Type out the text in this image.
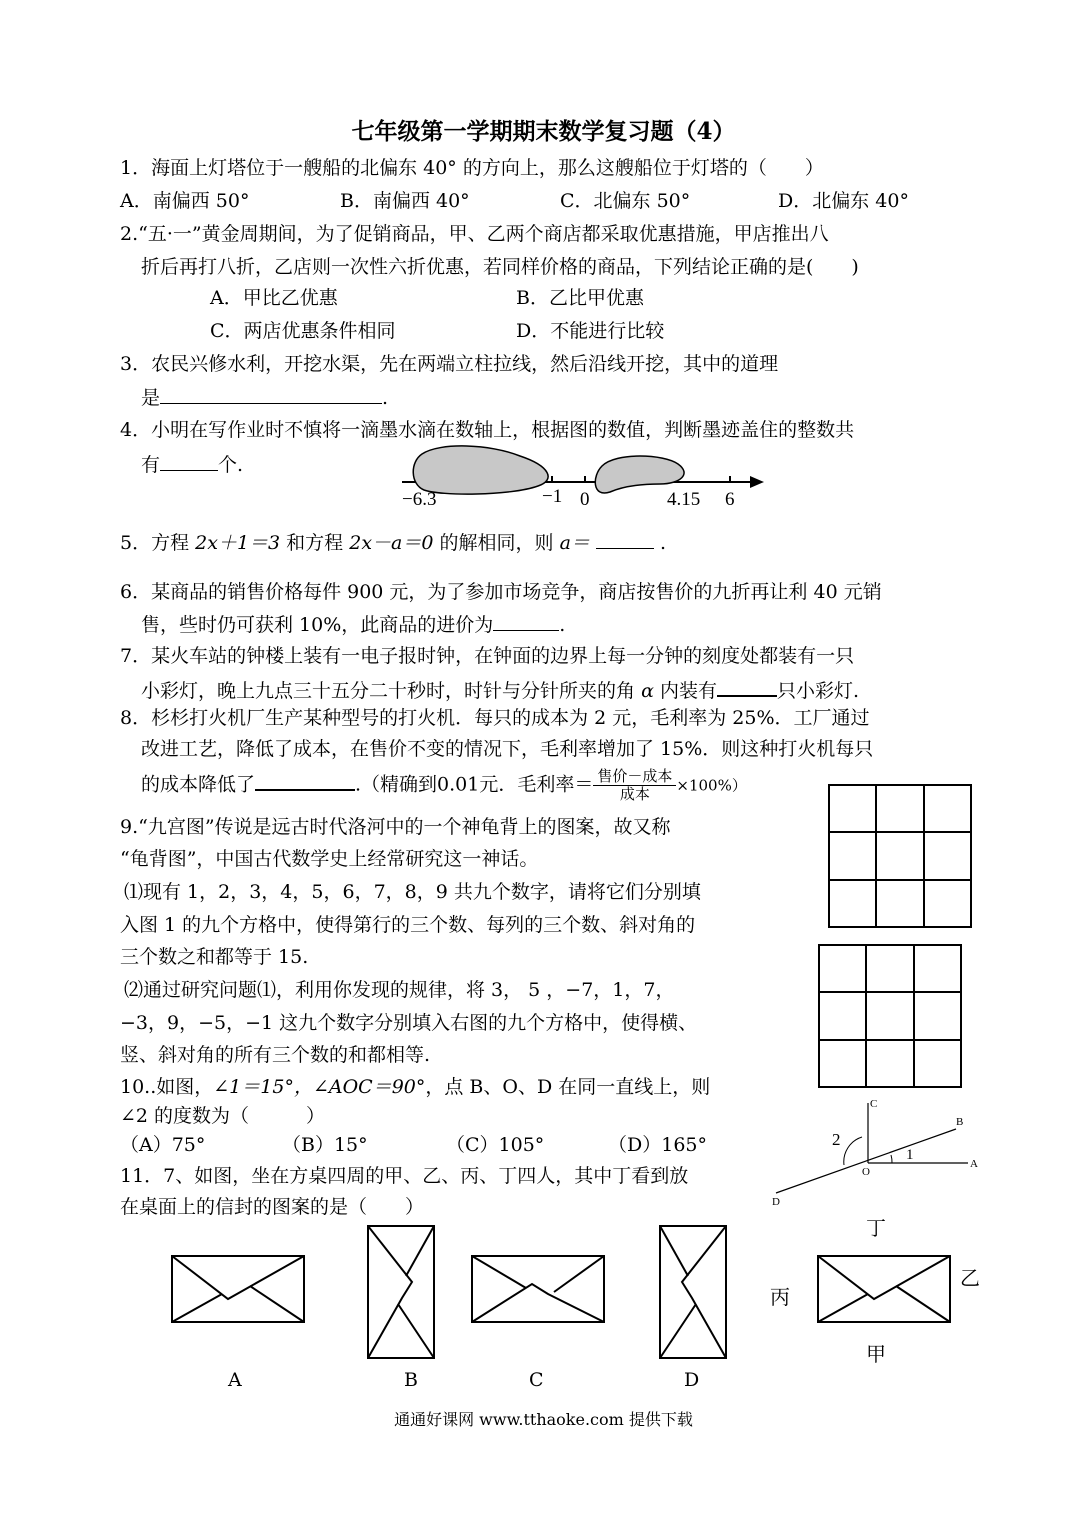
七年级第一学期期末数学复习题（4）
1．海面上灯塔位于一艘船的北偏东 40° 的方向上，那么这艘船位于灯塔的（　　）
A．南偏西 50°	B．南偏西 40°	C．北偏东 50°	D．北偏东 40°
2.“五·一”黄金周期间，为了促销商品，甲、乙两个商店都采取优惠措施，甲店推出八
折后再打八折，乙店则一次性六折优惠，若同样价格的商品，下列结论正确的是(　　)
A．甲比乙优惠	B．乙比甲优惠
C．两店优惠条件相同	D．不能进行比较
3．农民兴修水利，开挖水渠，先在两端立柱拉线，然后沿线开挖，其中的道理
是	.
4．小明在写作业时不慎将一滴墨水滴在数轴上，根据图的数值，判断墨迹盖住的整数共
有	个.
−6.3	−1 0	4.15 6
5．方程 2x＋1＝3 和方程 2x－a＝0 的解相同，则 a＝	.
6．某商品的销售价格每件 900 元，为了参加市场竞争，商店按售价的九折再让利 40 元销
售，些时仍可获利 10%，此商品的进价为	.
7．某火车站的钟楼上装有一电子报时钟，在钟面的边界上每一分钟的刻度处都装有一只
小彩灯，晚上九点三十五分二十秒时，时针与分针所夹的角 α 内装有	只小彩灯.
8．杉杉打火机厂生产某种型号的打火机．每只的成本为 2 元，毛利率为 25%．工厂通过
改进工艺，降低了成本，在售价不变的情况下，毛利率增加了 15%．则这种打火机每只
的成本降低了	.（精确到0.01元．毛利率＝ $\frac{\text{售价－成本}}{\text{成本}} \times 100\%$）
9.“九宫图”传说是远古时代洛河中的一个神龟背上的图案，故又称
“龟背图”，中国古代数学史上经常研究这一神话。
⑴现有 1，2，3，4，5，6，7，8，9 共九个数字，请将它们分别填
入图 1 的九个方格中，使得第行的三个数、每列的三个数、斜对角的
三个数之和都等于 15.
⑵通过研究问题⑴，利用你发现的规律，将 3， 5 ，−7，1，7，
−3，9，−5，−1 这九个数字分别填入右图的九个方格中，使得横、
竖、斜对角的所有三个数的和都相等.
10..如图，∠1＝15°，∠AOC＝90°，点 B、O、D 在同一直线上，则
∠2 的度数为（　　　）
（A）75°	（B）15°	（C）105°	（D）165°
C
B
A
D
O
1
2
11．7、如图，坐在方桌四周的甲、乙、丙、丁四人，其中丁看到放
在桌面上的信封的图案的是（　　）
A	B	C	D
丁
乙
丙
甲
通通好课网 www.tthaoke.com 提供下载
